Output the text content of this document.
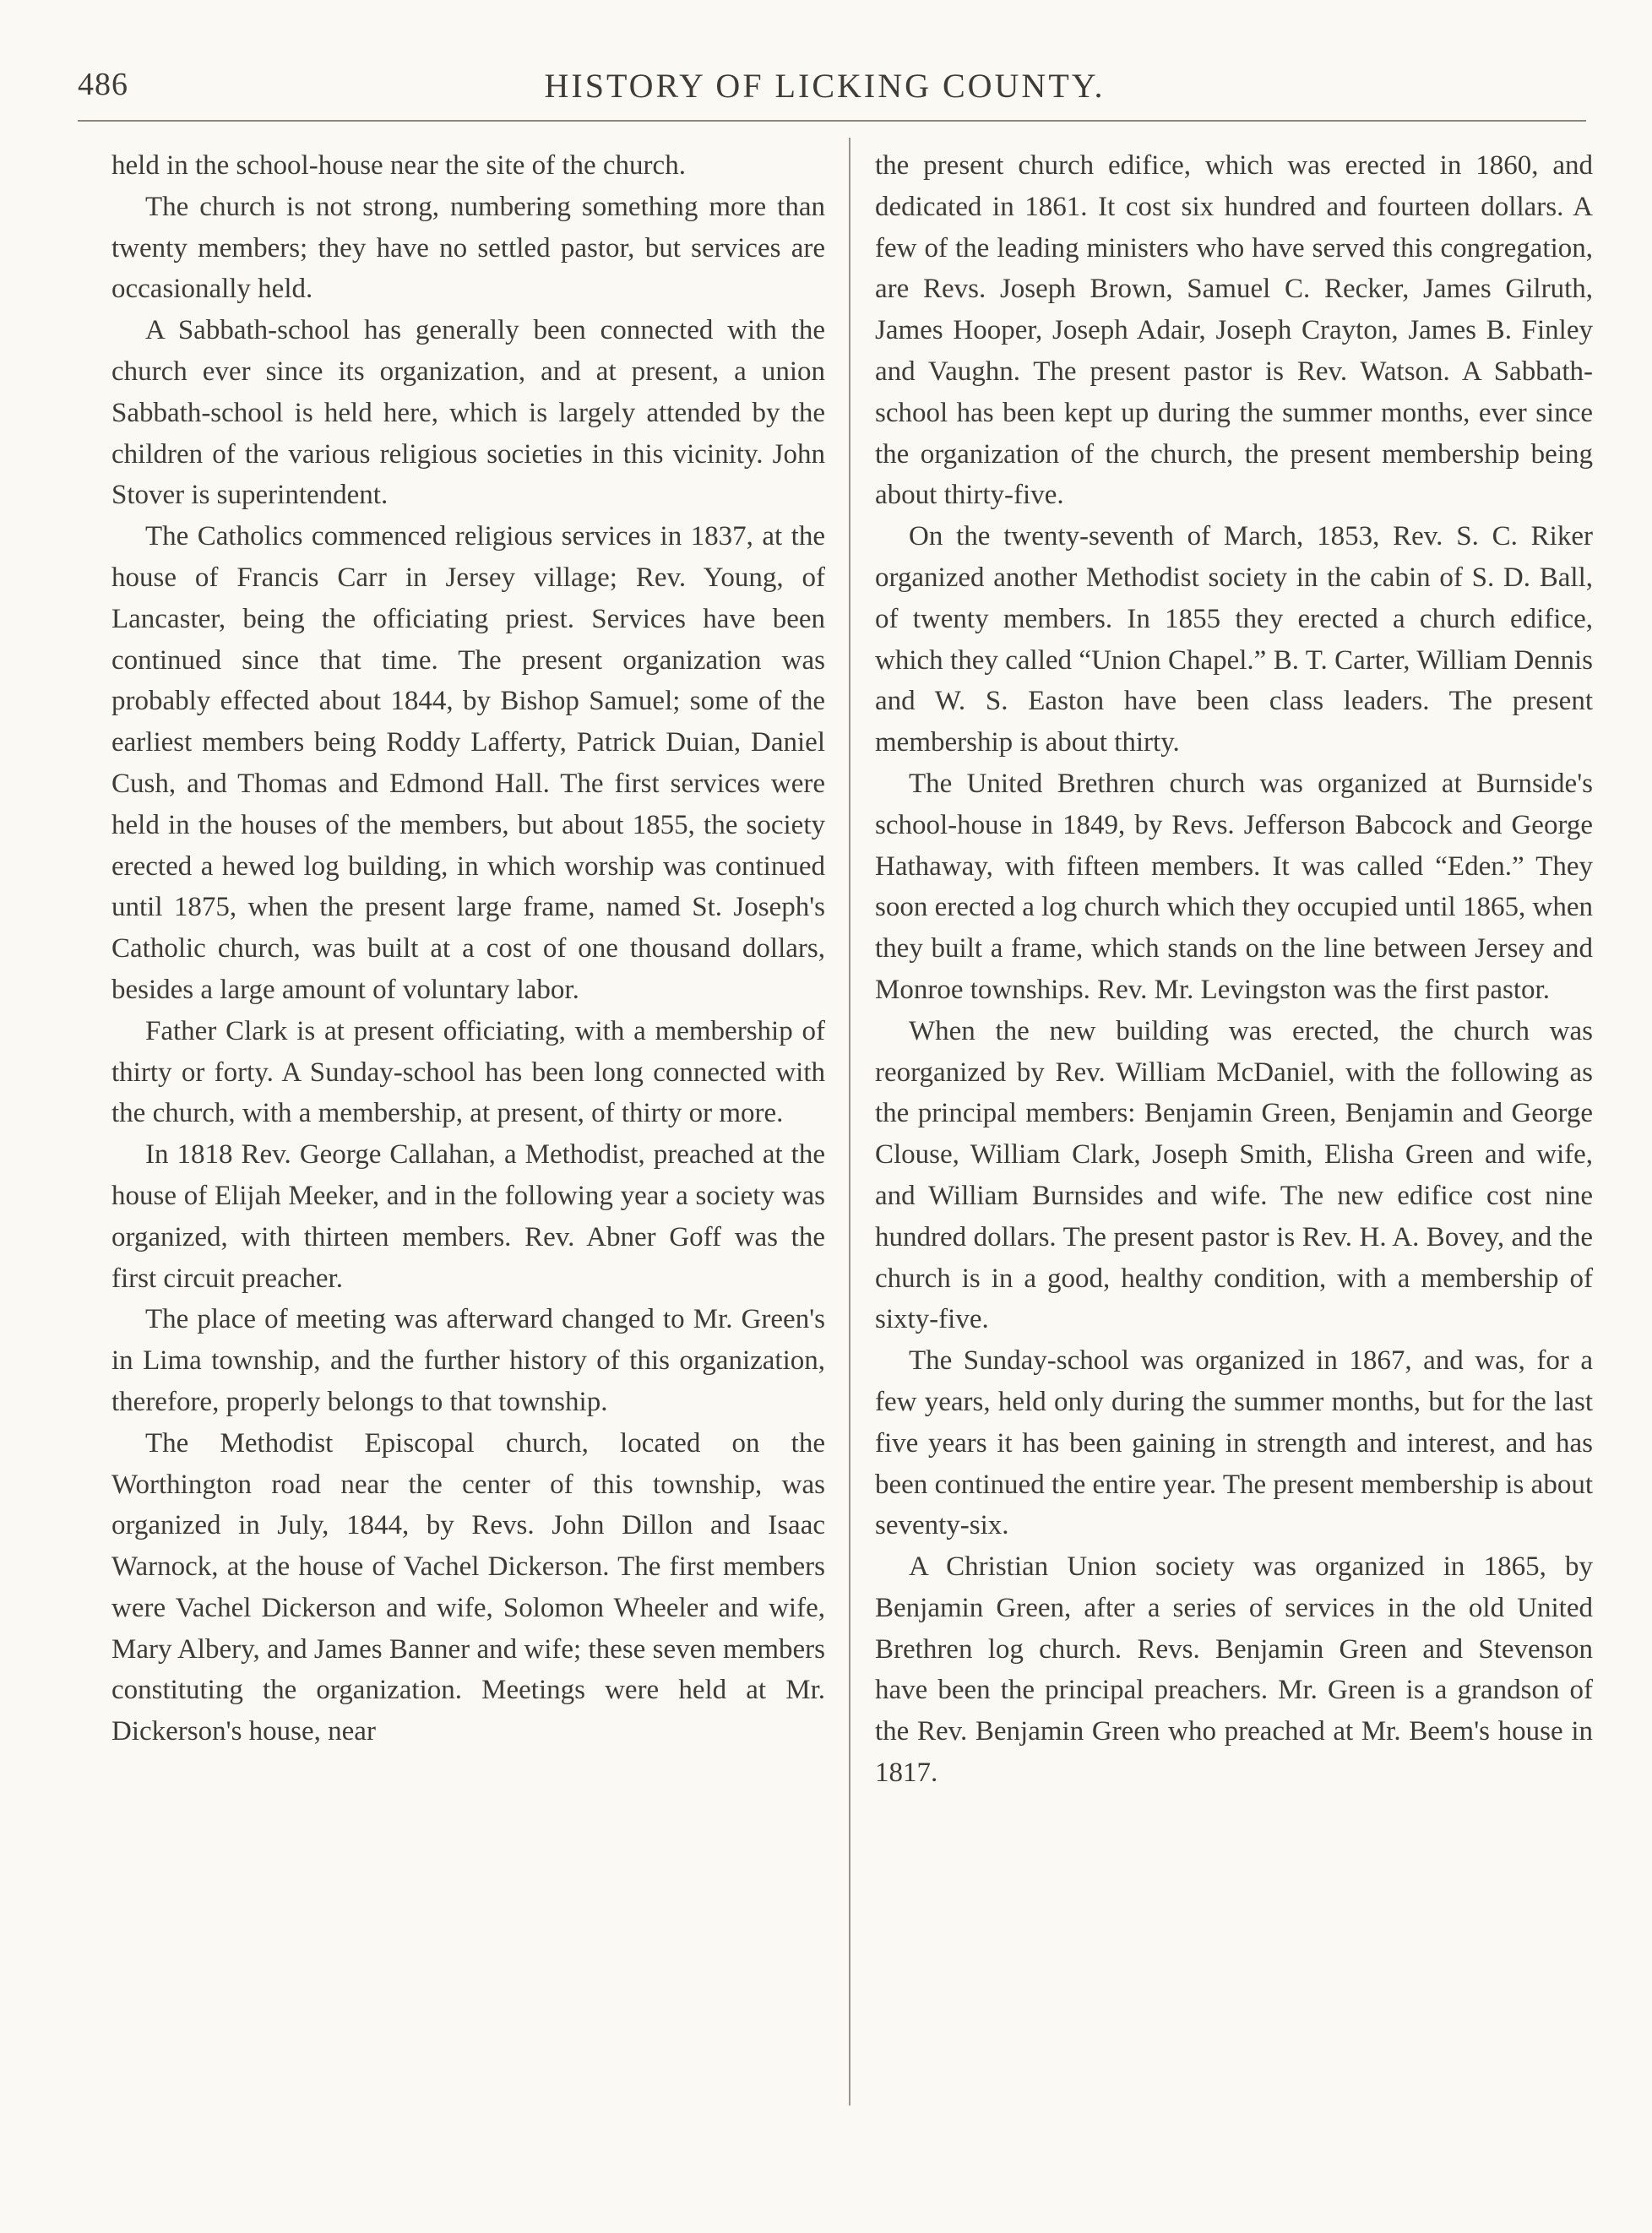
486	HISTORY OF LICKING COUNTY.

held in the school-house near the site of the church.

The church is not strong, numbering something more than twenty members; they have no settled pastor, but services are occasionally held.

A Sabbath-school has generally been connected with the church ever since its organization, and at present, a union Sabbath-school is held here, which is largely attended by the children of the various religious societies in this vicinity. John Stover is superintendent.

The Catholics commenced religious services in 1837, at the house of Francis Carr in Jersey village; Rev. Young, of Lancaster, being the officiating priest. Services have been continued since that time. The present organization was probably effected about 1844, by Bishop Samuel; some of the earliest members being Roddy Lafferty, Patrick Duian, Daniel Cush, and Thomas and Edmond Hall. The first services were held in the houses of the members, but about 1855, the society erected a hewed log building, in which worship was continued until 1875, when the present large frame, named St. Joseph's Catholic church, was built at a cost of one thousand dollars, besides a large amount of voluntary labor.

Father Clark is at present officiating, with a membership of thirty or forty. A Sunday-school has been long connected with the church, with a membership, at present, of thirty or more.

In 1818 Rev. George Callahan, a Methodist, preached at the house of Elijah Meeker, and in the following year a society was organized, with thirteen members. Rev. Abner Goff was the first circuit preacher.

The place of meeting was afterward changed to Mr. Green's in Lima township, and the further history of this organization, therefore, properly belongs to that township.

The Methodist Episcopal church, located on the Worthington road near the center of this township, was organized in July, 1844, by Revs. John Dillon and Isaac Warnock, at the house of Vachel Dickerson. The first members were Vachel Dickerson and wife, Solomon Wheeler and wife, Mary Albery, and James Banner and wife; these seven members constituting the organization. Meetings were held at Mr. Dickerson's house, near

the present church edifice, which was erected in 1860, and dedicated in 1861. It cost six hundred and fourteen dollars. A few of the leading ministers who have served this congregation, are Revs. Joseph Brown, Samuel C. Recker, James Gilruth, James Hooper, Joseph Adair, Joseph Crayton, James B. Finley and Vaughn. The present pastor is Rev. Watson. A Sabbath-school has been kept up during the summer months, ever since the organization of the church, the present membership being about thirty-five.

On the twenty-seventh of March, 1853, Rev. S. C. Riker organized another Methodist society in the cabin of S. D. Ball, of twenty members. In 1855 they erected a church edifice, which they called “Union Chapel.” B. T. Carter, William Dennis and W. S. Easton have been class leaders. The present membership is about thirty.

The United Brethren church was organized at Burnside's school-house in 1849, by Revs. Jefferson Babcock and George Hathaway, with fifteen members. It was called “Eden.” They soon erected a log church which they occupied until 1865, when they built a frame, which stands on the line between Jersey and Monroe townships. Rev. Mr. Levingston was the first pastor.

When the new building was erected, the church was reorganized by Rev. William McDaniel, with the following as the principal members: Benjamin Green, Benjamin and George Clouse, William Clark, Joseph Smith, Elisha Green and wife, and William Burnsides and wife. The new edifice cost nine hundred dollars. The present pastor is Rev. H. A. Bovey, and the church is in a good, healthy condition, with a membership of sixty-five.

The Sunday-school was organized in 1867, and was, for a few years, held only during the summer months, but for the last five years it has been gaining in strength and interest, and has been continued the entire year. The present membership is about seventy-six.

A Christian Union society was organized in 1865, by Benjamin Green, after a series of services in the old United Brethren log church. Revs. Benjamin Green and Stevenson have been the principal preachers. Mr. Green is a grandson of the Rev. Benjamin Green who preached at Mr. Beem's house in 1817.
